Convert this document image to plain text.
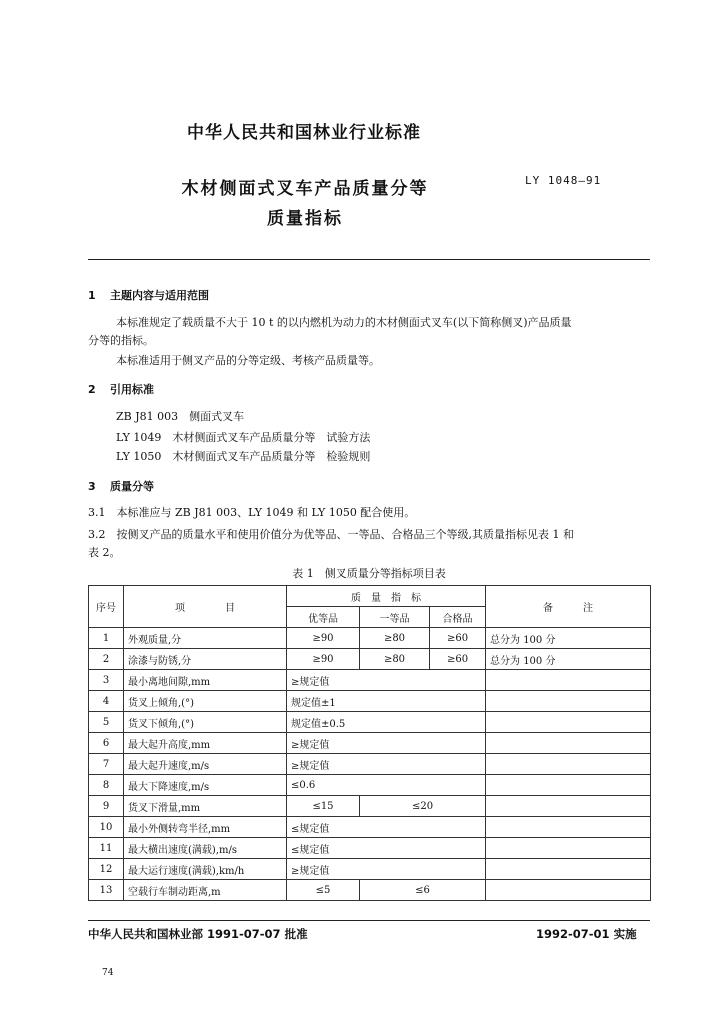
中华人民共和国林业行业标准
木材侧面式叉车产品质量分等
质量指标
LY 1048—91
1 主题内容与适用范围
本标准规定了载质量不大于 10 t 的以内燃机为动力的木材侧面式叉车(以下简称侧叉)产品质量
分等的指标。
本标准适用于侧叉产品的分等定级、考核产品质量等。
2 引用标准
ZB J81 003　侧面式叉车
LY 1049　木材侧面式叉车产品质量分等　试验方法
LY 1050　木材侧面式叉车产品质量分等　检验规则
3 质量分等
3.1　本标准应与 ZB J81 003、LY 1049 和 LY 1050 配合使用。
3.2　按侧叉产品的质量水平和使用价值分为优等品、一等品、合格品三个等级,其质量指标见表 1 和
表 2。
表 1　侧叉质量分等指标项目表
序号	项　　　　目	质　量　指　标			备　　　注
		优等品	一等品	合格品	
1	外观质量,分	≥90	≥80	≥60	总分为 100 分
2	涂漆与防锈,分	≥90	≥80	≥60	总分为 100 分
3	最小离地间隙,mm	≥规定值			
4	货叉上倾角,(°)	规定值±1			
5	货叉下倾角,(°)	规定值±0.5			
6	最大起升高度,mm	≥规定值			
7	最大起升速度,m/s	≥规定值			
8	最大下降速度,m/s	≤0.6			
9	货叉下滑量,mm	≤15	≤20		
10	最小外侧转弯半径,mm	≤规定值			
11	最大横出速度(满载),m/s	≤规定值			
12	最大运行速度(满载),km/h	≥规定值			
13	空载行车制动距离,m	≤5	≤6		
中华人民共和国林业部 1991-07-07 批准	1992-07-01 实施
74
